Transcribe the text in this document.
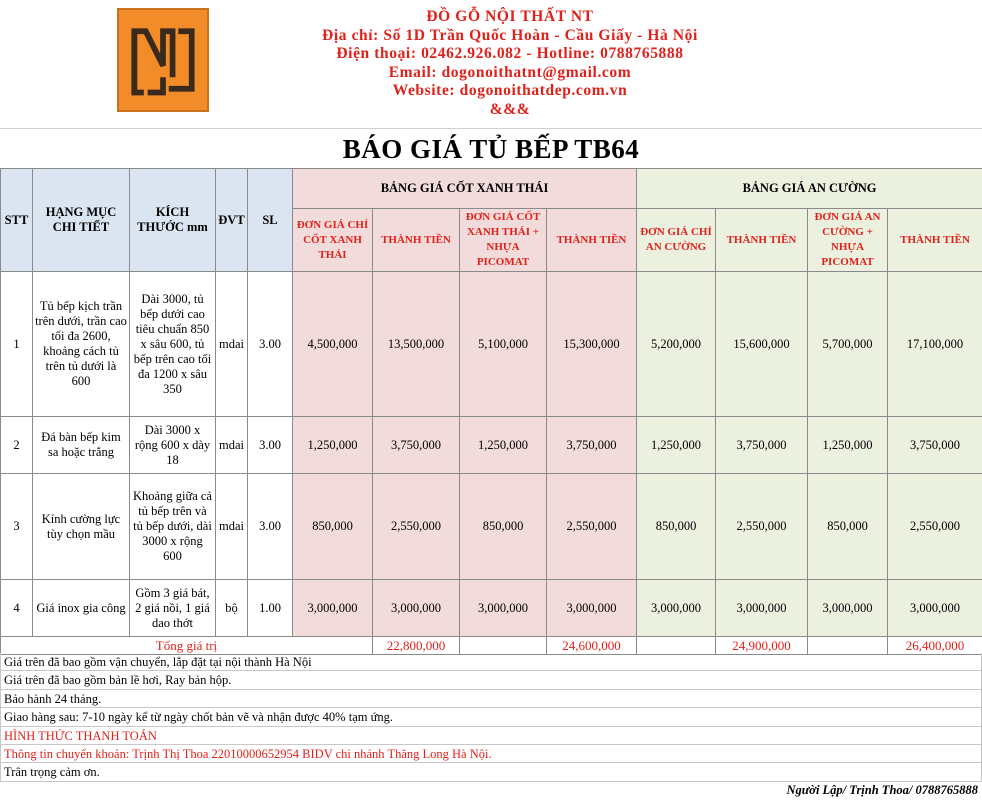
ĐỒ GỖ NỘI THẤT NT
Địa chỉ: Số 1D Trần Quốc Hoàn - Cầu Giấy - Hà Nội
Điện thoại: 02462.926.082 - Hotline: 0788765888
Email: dogonoithatnt@gmail.com
Website: dogonoithatdep.com.vn
&&&
BÁO GIÁ TỦ BẾP TB64
STT	HẠNG MỤC CHI TIẾT	KÍCH THƯỚC mm	ĐVT	SL	BẢNG GIÁ CỐT XANH THÁI				BẢNG GIÁ AN CƯỜNG			
					ĐƠN GIÁ CHỈ CỐT XANH THÁI	THÀNH TIỀN	ĐƠN GIÁ CỐT XANH THÁI + NHỰA PICOMAT	THÀNH TIỀN	ĐƠN GIÁ CHỈ AN CƯỜNG	THÀNH TIỀN	ĐƠN GIÁ AN CƯỜNG + NHỰA PICOMAT	THÀNH TIỀN
1	Tủ bếp kịch trần trên dưới, trần cao tối đa 2600, khoảng cách tủ trên tủ dưới là 600	Dài 3000, tủ bếp dưới cao tiêu chuẩn 850 x sâu 600, tủ bếp trên cao tối đa 1200 x sâu 350	mdai	3.00	4,500,000	13,500,000	5,100,000	15,300,000	5,200,000	15,600,000	5,700,000	17,100,000
2	Đá bàn bếp kim sa hoặc trắng	Dài 3000 x rộng 600 x dày 18	mdai	3.00	1,250,000	3,750,000	1,250,000	3,750,000	1,250,000	3,750,000	1,250,000	3,750,000
3	Kính cường lực tùy chọn mầu	Khoảng giữa cả tủ bếp trên và tủ bếp dưới, dài 3000 x rộng 600	mdai	3.00	850,000	2,550,000	850,000	2,550,000	850,000	2,550,000	850,000	2,550,000
4	Giá inox gia công	Gồm 3 giá bát, 2 giá nồi, 1 giá dao thớt	bộ	1.00	3,000,000	3,000,000	3,000,000	3,000,000	3,000,000	3,000,000	3,000,000	3,000,000
Tổng giá trị						22,800,000		24,600,000		24,900,000		26,400,000
Giá trên đã bao gồm vận chuyển, lắp đặt tại nội thành Hà Nội
Giá trên đã bao gồm bản lề hơi, Ray bản hộp.
Bảo hành 24 tháng.
Giao hàng sau: 7-10 ngày kể từ ngày chốt bản vẽ và nhận được 40% tạm ứng.
HÌNH THỨC THANH TOÁN
Thông tin chuyển khoản: Trịnh Thị Thoa 22010000652954 BIDV chi nhánh Thăng Long Hà Nội.
Trân trọng cảm ơn.
Người Lập/ Trịnh Thoa/ 0788765888
